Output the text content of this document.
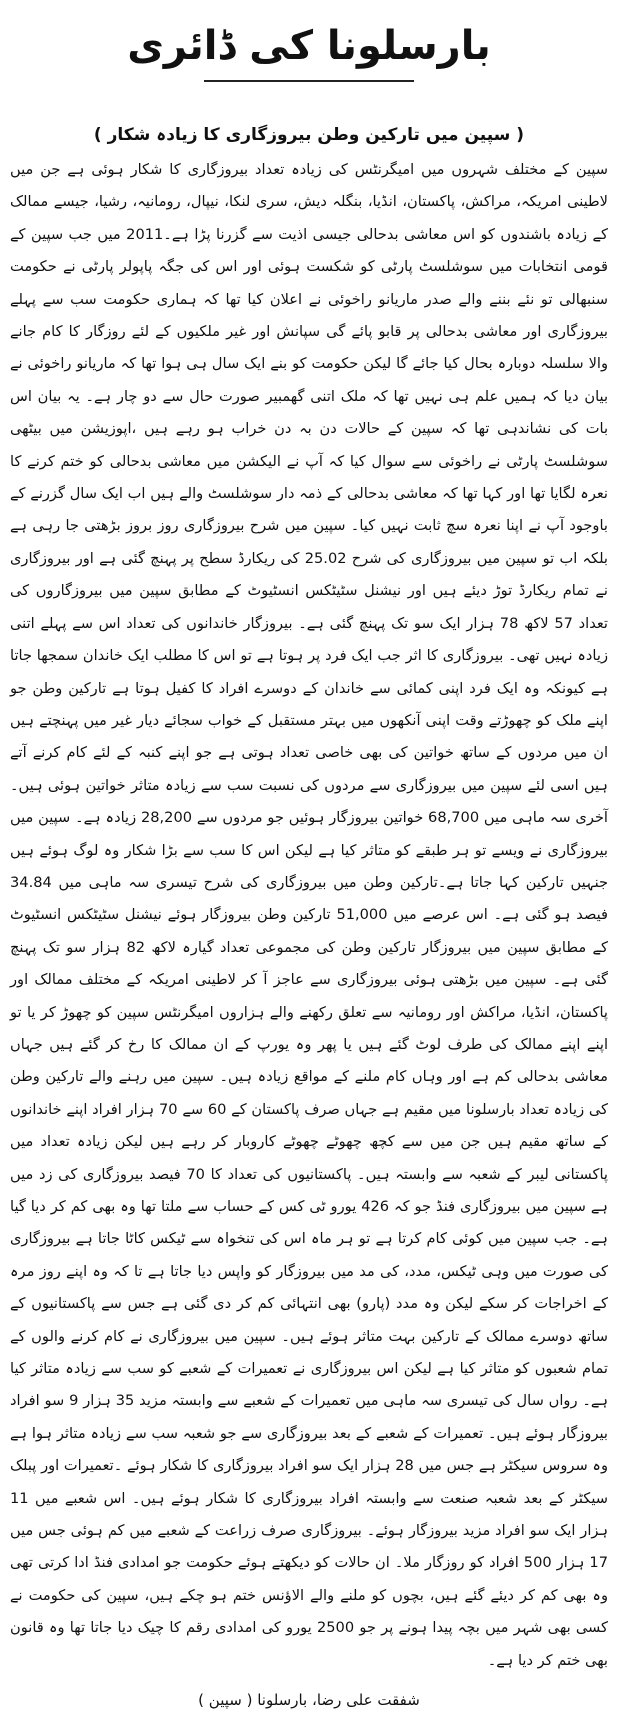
بارسلونا کی ڈائری
( سپین میں تارکین وطن بیروزگاری کا زیادہ شکار )

سپین کے مختلف شہروں میں امیگرنٹس کی زیادہ تعداد بیروزگاری کا شکار ہوئی ہے جن میں لاطینی امریکہ، مراکش، پاکستان، انڈیا، بنگلہ دیش، سری لنکا، نیپال، رومانیہ، رشیا، جیسے ممالک کے زیادہ باشندوں کو اس معاشی بدحالی جیسی اذیت سے گزرنا پڑا ہے۔2011 میں جب سپین کے قومی انتخابات میں سوشلسٹ پارٹی کو شکست ہوئی اور اس کی جگہ پاپولر پارٹی نے حکومت سنبھالی تو نئے بننے والے صدر ماریانو راخوئی نے اعلان کیا تھا کہ ہماری حکومت سب سے پہلے بیروزگاری اور معاشی بدحالی پر قابو پائے گی سپانش اور غیر ملکیوں کے لئے روزگار کا کام جانے والا سلسلہ دوبارہ بحال کیا جائے گا لیکن حکومت کو بنے ایک سال ہی ہوا تھا کہ ماریانو راخوئی نے بیان دیا کہ ہمیں علم ہی نہیں تھا کہ ملک اتنی گھمبیر صورت حال سے دو چار ہے۔ یہ بیان اس بات کی نشاندہی تھا کہ سپین کے حالات دن بہ دن خراب ہو رہے ہیں ،اپوزیشن میں بیٹھی سوشلسٹ پارٹی نے راخوئی سے سوال کیا کہ آپ نے الیکشن میں معاشی بدحالی کو ختم کرنے کا نعرہ لگایا تھا اور کہا تھا کہ معاشی بدحالی کے ذمہ دار سوشلسٹ والے ہیں اب ایک سال گزرنے کے باوجود آپ نے اپنا نعرہ سچ ثابت نہیں کیا۔ سپین میں شرح بیروزگاری روز بروز بڑھتی جا رہی ہے بلکہ اب تو سپین میں بیروزگاری کی شرح 25.02 کی ریکارڈ سطح پر پہنچ گئی ہے اور بیروزگاری نے تمام ریکارڈ توڑ دیئے ہیں اور نیشنل سٹیٹکس انسٹیوٹ کے مطابق سپین میں بیروزگاروں کی تعداد 57 لاکھ 78 ہزار ایک سو تک پہنچ گئی ہے۔ بیروزگار خاندانوں کی تعداد اس سے پہلے اتنی زیادہ نہیں تھی۔ بیروزگاری کا اثر جب ایک فرد پر ہوتا ہے تو اس کا مطلب ایک خاندان سمجھا جاتا ہے کیونکہ وہ ایک فرد اپنی کمائی سے خاندان کے دوسرے افراد کا کفیل ہوتا ہے تارکین وطن جو اپنے ملک کو چھوڑتے وقت اپنی آنکھوں میں بہتر مستقبل کے خواب سجائے دیار غیر میں پہنچتے ہیں ان میں مردوں کے ساتھ خواتین کی بھی خاصی تعداد ہوتی ہے جو اپنے کنبہ کے لئے کام کرنے آتے ہیں اسی لئے سپین میں بیروزگاری سے مردوں کی نسبت سب سے زیادہ متاثر خواتین ہوئی ہیں۔آخری سہ ماہی میں 68,700 خواتین بیروزگار ہوئیں جو مردوں سے 28,200 زیادہ ہے۔ سپین میں بیروزگاری نے ویسے تو ہر طبقے کو متاثر کیا ہے لیکن اس کا سب سے بڑا شکار وہ لوگ ہوئے ہیں جنہیں تارکین کہا جاتا ہے۔تارکین وطن میں بیروزگاری کی شرح تیسری سہ ماہی میں 34.84 فیصد ہو گئی ہے۔ اس عرصے میں 51,000 تارکین وطن بیروزگار ہوئے نیشنل سٹیٹکس انسٹیوٹ کے مطابق سپین میں بیروزگار تارکین وطن کی مجموعی تعداد گیارہ لاکھ 82 ہزار سو تک پہنچ گئی ہے۔ سپین میں بڑھتی ہوئی بیروزگاری سے عاجز آ کر لاطینی امریکہ کے مختلف ممالک اور پاکستان، انڈیا، مراکش اور رومانیہ سے تعلق رکھنے والے ہزاروں امیگرنٹس سپین کو چھوڑ کر یا تو اپنے اپنے ممالک کی طرف لوٹ گئے ہیں یا پھر وہ یورپ کے ان ممالک کا رخ کر گئے ہیں جہاں معاشی بدحالی کم ہے اور وہاں کام ملنے کے مواقع زیادہ ہیں۔ سپین میں رہنے والے تارکین وطن کی زیادہ تعداد بارسلونا میں مقیم ہے جہاں صرف پاکستان کے 60 سے 70 ہزار افراد اپنے خاندانوں کے ساتھ مقیم ہیں جن میں سے کچھ چھوٹے چھوٹے کاروبار کر رہے ہیں لیکن زیادہ تعداد میں پاکستانی لیبر کے شعبہ سے وابستہ ہیں۔ پاکستانیوں کی تعداد کا 70 فیصد بیروزگاری کی زد میں ہے سپین میں بیروزگاری فنڈ جو کہ 426 یورو ٹی کس کے حساب سے ملتا تھا وہ بھی کم کر دیا گیا ہے۔ جب سپین میں کوئی کام کرتا ہے تو ہر ماہ اس کی تنخواہ سے ٹیکس کاٹا جاتا ہے بیروزگاری کی صورت میں وہی ٹیکس، مدد، کی مد میں بیروزگار کو واپس دیا جاتا ہے تا کہ وہ اپنے روز مرہ کے اخراجات کر سکے لیکن وہ مدد (پارو) بھی انتہائی کم کر دی گئی ہے جس سے پاکستانیوں کے ساتھ دوسرے ممالک کے تارکین بہت متاثر ہوئے ہیں۔ سپین میں بیروزگاری نے کام کرنے والوں کے تمام شعبوں کو متاثر کیا ہے لیکن اس بیروزگاری نے تعمیرات کے شعبے کو سب سے زیادہ متاثر کیا ہے۔ رواں سال کی تیسری سہ ماہی میں تعمیرات کے شعبے سے وابستہ مزید 35 ہزار 9 سو افراد بیروزگار ہوئے ہیں۔ تعمیرات کے شعبے کے بعد بیروزگاری سے جو شعبہ سب سے زیادہ متاثر ہوا ہے وہ سروس سیکٹر ہے جس میں 28 ہزار ایک سو افراد بیروزگاری کا شکار ہوئے ۔تعمیرات اور پبلک سیکٹر کے بعد شعبہ صنعت سے وابستہ افراد بیروزگاری کا شکار ہوئے ہیں۔ اس شعبے میں 11 ہزار ایک سو افراد مزید بیروزگار ہوئے۔ بیروزگاری صرف زراعت کے شعبے میں کم ہوئی جس میں 17 ہزار 500 افراد کو روزگار ملا۔ ان حالات کو دیکھتے ہوئے حکومت جو امدادی فنڈ ادا کرتی تھی وہ بھی کم کر دیئے گئے ہیں، بچوں کو ملنے والے الاؤنس ختم ہو چکے ہیں، سپین کی حکومت نے کسی بھی شہر میں بچہ پیدا ہونے پر جو 2500 یورو کی امدادی رقم کا چیک دیا جاتا تھا وہ قانون بھی ختم کر دیا ہے۔

شفقت علی رضا، بارسلونا ( سپین )
